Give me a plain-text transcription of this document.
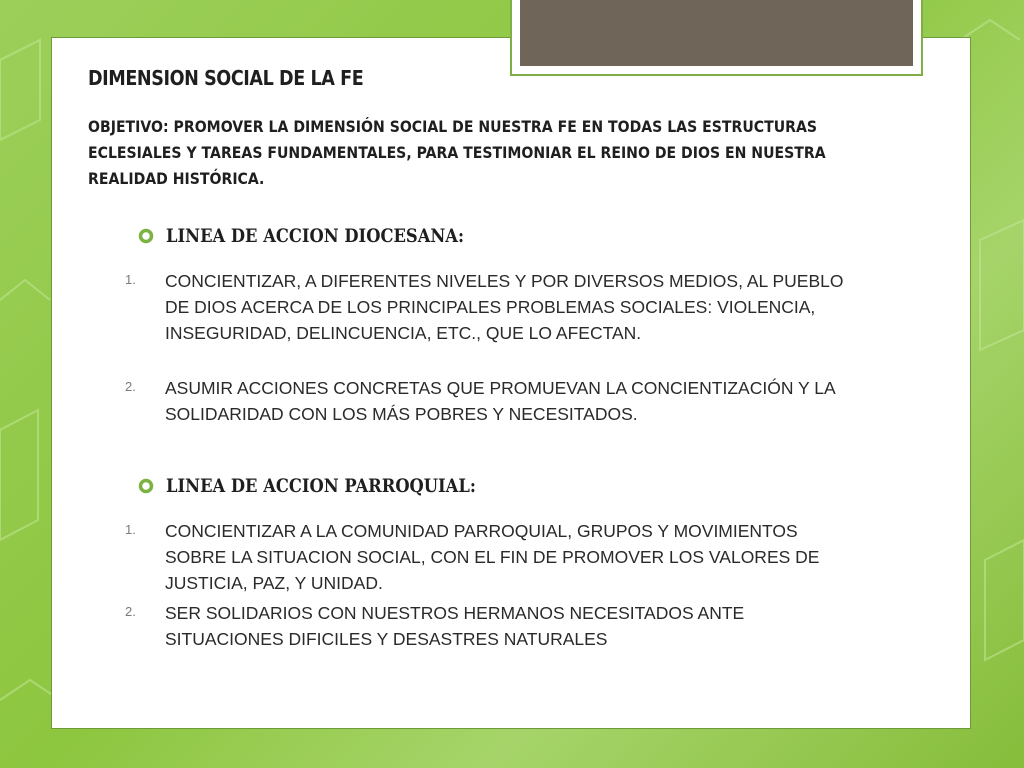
DIMENSION SOCIAL DE LA FE

OBJETIVO: PROMOVER LA DIMENSIÓN SOCIAL DE NUESTRA FE EN TODAS LAS ESTRUCTURAS ECLESIALES Y TAREAS FUNDAMENTALES, PARA TESTIMONIAR EL REINO DE DIOS EN NUESTRA REALIDAD HISTÓRICA.

LINEA DE ACCION DIOCESANA:
1.	CONCIENTIZAR, A DIFERENTES NIVELES Y POR DIVERSOS MEDIOS, AL PUEBLO DE DIOS ACERCA DE LOS PRINCIPALES PROBLEMAS SOCIALES: VIOLENCIA, INSEGURIDAD, DELINCUENCIA, ETC., QUE LO AFECTAN.
2.	ASUMIR ACCIONES CONCRETAS QUE PROMUEVAN LA CONCIENTIZACIÓN Y LA SOLIDARIDAD CON LOS MÁS POBRES Y NECESITADOS.
LINEA DE ACCION PARROQUIAL:
1.	CONCIENTIZAR A LA COMUNIDAD PARROQUIAL, GRUPOS Y MOVIMIENTOS SOBRE LA SITUACION SOCIAL, CON EL FIN DE PROMOVER LOS VALORES DE JUSTICIA, PAZ, Y UNIDAD.
2.	SER SOLIDARIOS CON NUESTROS HERMANOS NECESITADOS ANTE SITUACIONES DIFICILES Y DESASTRES NATURALES
